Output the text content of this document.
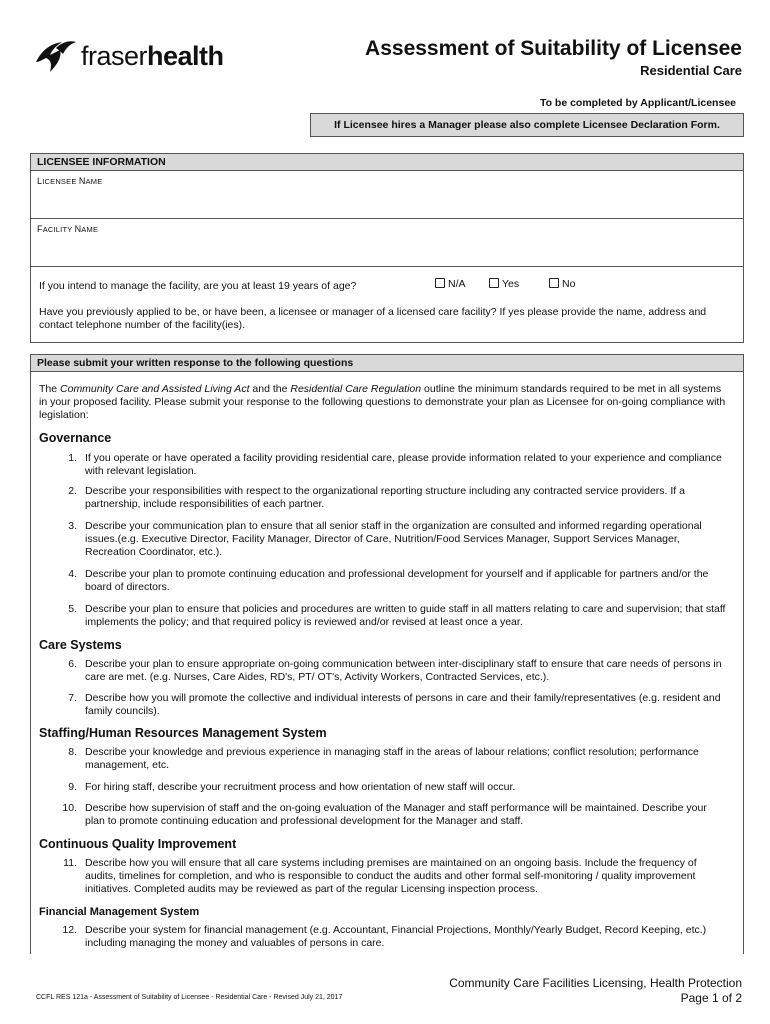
fraserhealth	Assessment of Suitability of Licensee
Residential Care
To be completed by Applicant/Licensee
If Licensee hires a Manager please also complete Licensee Declaration Form.
LICENSEE INFORMATION
LICENSEE NAME
FACILITY NAME
If you intend to manage the facility, are you at least 19 years of age?	N/A	Yes	No
Have you previously applied to be, or have been, a licensee or manager of a licensed care facility? If yes please provide the name, address and contact telephone number of the facility(ies).
Please submit your written response to the following questions
The Community Care and Assisted Living Act and the Residential Care Regulation outline the minimum standards required to be met in all systems in your proposed facility. Please submit your response to the following questions to demonstrate your plan as Licensee for on-going compliance with legislation:
Governance
1. If you operate or have operated a facility providing residential care, please provide information related to your experience and compliance with relevant legislation.
2. Describe your responsibilities with respect to the organizational reporting structure including any contracted service providers. If a partnership, include responsibilities of each partner.
3. Describe your communication plan to ensure that all senior staff in the organization are consulted and informed regarding operational issues.(e.g. Executive Director, Facility Manager, Director of Care, Nutrition/Food Services Manager, Support Services Manager, Recreation Coordinator, etc.).
4. Describe your plan to promote continuing education and professional development for yourself and if applicable for partners and/or the board of directors.
5. Describe your plan to ensure that policies and procedures are written to guide staff in all matters relating to care and supervision; that staff implements the policy; and that required policy is reviewed and/or revised at least once a year.
Care Systems
6. Describe your plan to ensure appropriate on-going communication between inter-disciplinary staff to ensure that care needs of persons in care are met. (e.g. Nurses, Care Aides, RD's, PT/ OT's, Activity Workers, Contracted Services, etc.).
7. Describe how you will promote the collective and individual interests of persons in care and their family/representatives (e.g. resident and family councils).
Staffing/Human Resources Management System
8. Describe your knowledge and previous experience in managing staff in the areas of labour relations; conflict resolution; performance management, etc.
9. For hiring staff, describe your recruitment process and how orientation of new staff will occur.
10. Describe how supervision of staff and the on-going evaluation of the Manager and staff performance will be maintained. Describe your plan to promote continuing education and professional development for the Manager and staff.
Continuous Quality Improvement
11. Describe how you will ensure that all care systems including premises are maintained on an ongoing basis. Include the frequency of audits, timelines for completion, and who is responsible to conduct the audits and other formal self-monitoring / quality improvement initiatives. Completed audits may be reviewed as part of the regular Licensing inspection process.
Financial Management System
12. Describe your system for financial management (e.g. Accountant, Financial Projections, Monthly/Yearly Budget, Record Keeping, etc.) including managing the money and valuables of persons in care.
Community Care Facilities Licensing, Health Protection
Page 1 of 2
CCFL RES 121a - Assessment of Suitability of Licensee - Residential Care - Revised July 21, 2017
